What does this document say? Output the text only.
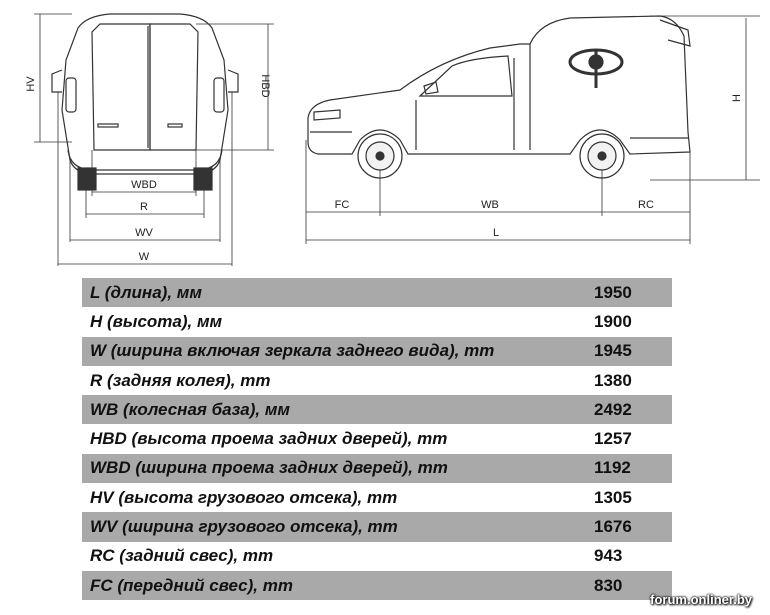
HV	HBD
WBD
R
WV
W
H
FC	WB	RC
L
L (длина), мм	1950
H (высота), мм	1900
W (ширина включая зеркала заднего вида), mm	1945
R (задняя колея), mm	1380
WB (колесная база), мм	2492
HBD (высота проема задних дверей), mm	1257
WBD (ширина проема задних дверей), mm	1192
HV (высота грузового отсека), mm	1305
WV (ширина грузового отсека), mm	1676
RC (задний свес), mm	943
FC (передний свес), mm	830
forum.onliner.by
